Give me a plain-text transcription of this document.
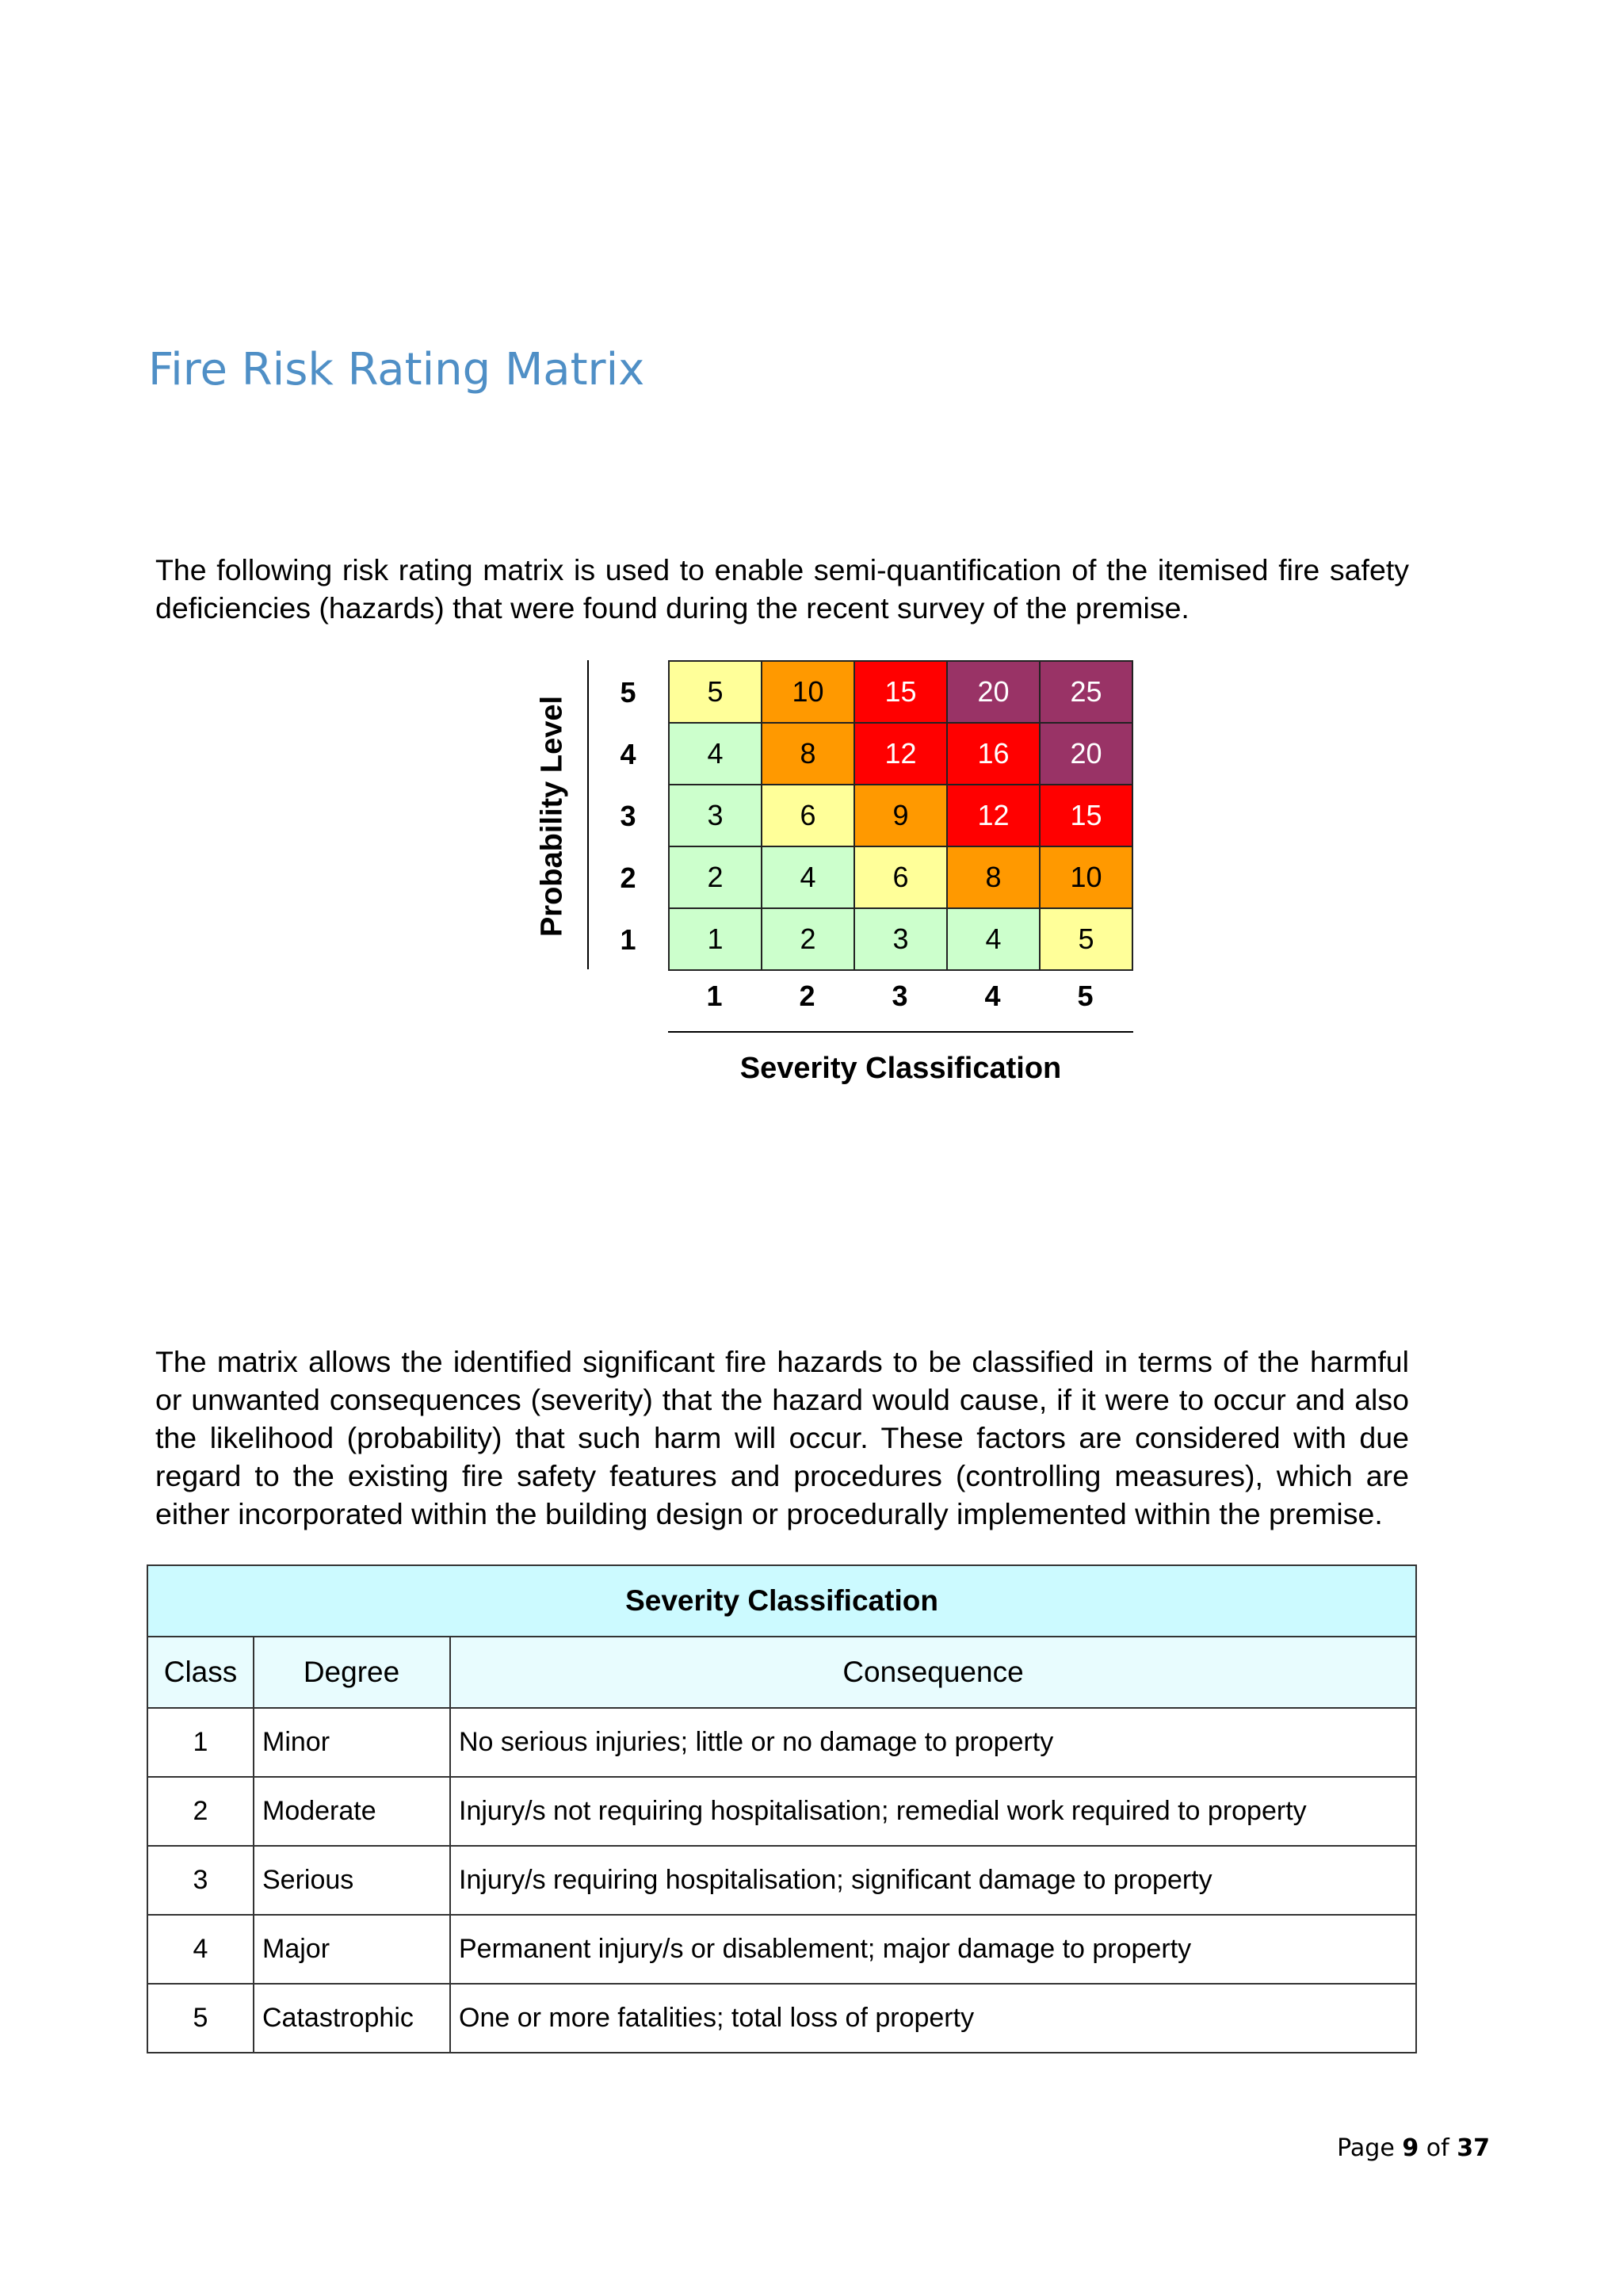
Fire Risk Rating Matrix

The following risk rating matrix is used to enable semi-quantification of the itemised fire safety deficiencies (hazards) that were found during the recent survey of the premise.

Probability Level
5
4
3
2
1
5	10	15	20	25
4	8	12	16	20
3	6	9	12	15
2	4	6	8	10
1	2	3	4	5
1	2	3	4	5
Severity Classification

The matrix allows the identified significant fire hazards to be classified in terms of the harmful or unwanted consequences (severity) that the hazard would cause, if it were to occur and also the likelihood (probability) that such harm will occur. These factors are considered with due regard to the existing fire safety features and procedures (controlling measures), which are either incorporated within the building design or procedurally implemented within the premise.

Severity Classification		
Class	Degree	Consequence
1	Minor	No serious injuries; little or no damage to property
2	Moderate	Injury/s not requiring hospitalisation; remedial work required to property
3	Serious	Injury/s requiring hospitalisation; significant damage to property
4	Major	Permanent injury/s or disablement; major damage to property
5	Catastrophic	One or more fatalities; total loss of property
Page 9 of 37
